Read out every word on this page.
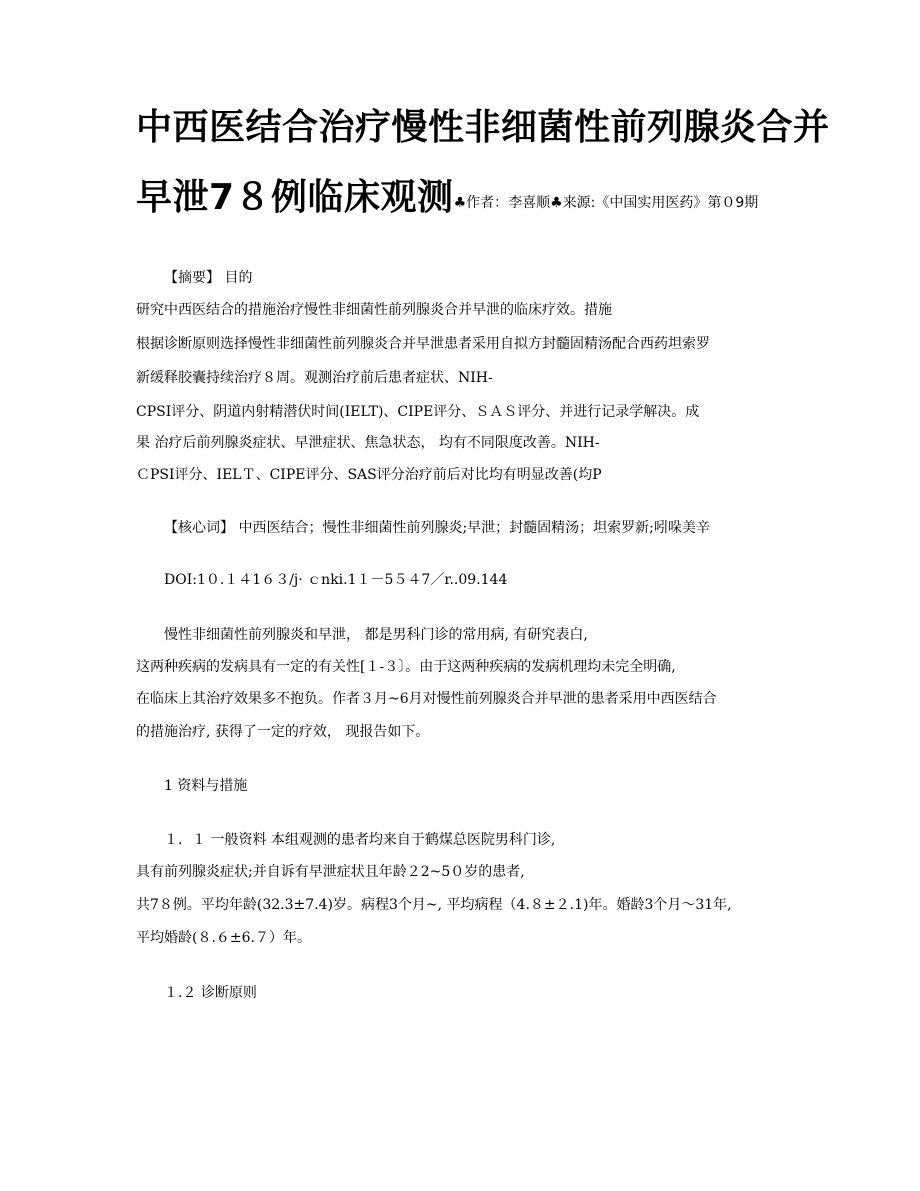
中西医结合治疗慢性非细菌性前列腺炎合并
早泄7８例临床观测♣作者：李喜顺♣来源:《中国实用医药》第０9期
【摘要】 目的
研究中西医结合的措施治疗慢性非细菌性前列腺炎合并早泄的临床疗效。措施
根据诊断原则选择慢性非细菌性前列腺炎合并早泄患者采用自拟方封髓固精汤配合西药坦索罗
新缓释胶囊持续治疗８周。观测治疗前后患者症状、NIH-
CPSI评分、阴道内射精潜伏时间(IELT)、CIPE评分、ＳＡＳ评分、并进行记录学解决。成
果 治疗后前列腺炎症状、早泄症状、焦急状态， 均有不同限度改善。NIH-
ＣPSI评分、IELＴ、CIPE评分、SAS评分治疗前后对比均有明显改善(均P
【核心词】 中西医结合；慢性非细菌性前列腺炎;早泄；封髓固精汤；坦索罗新;吲哚美辛
DOI:1０.１４1６３/j· ｃnki.1１－5５４7／r..09.144
慢性非细菌性前列腺炎和早泄， 都是男科门诊的常用病, 有研究表白,
这两种疾病的发病具有一定的有关性[１-３〕。由于这两种疾病的发病机理均未完全明确,
在临床上其治疗效果多不抱负。作者３月~6月对慢性前列腺炎合并早泄的患者采用中西医结合
的措施治疗, 获得了一定的疗效， 现报告如下。
1 资料与措施
１．１ 一般资料 本组观测的患者均来自于鹤煤总医院男科门诊,
具有前列腺炎症状;并自诉有早泄症状且年龄２2~5０岁的患者,
共7８例。平均年龄(32.3±7.4)岁。病程3个月~, 平均病程（4.８±２.1)年。婚龄3个月～31年,
平均婚龄(８.６±6.７）年。
１.２ 诊断原则
